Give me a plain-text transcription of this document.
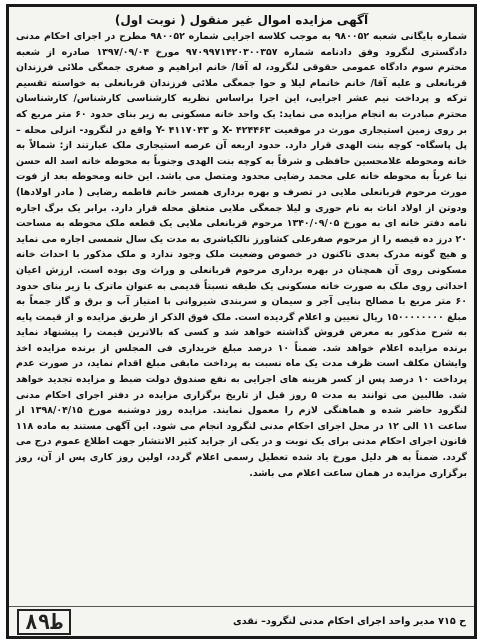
آگهی مزایده اموال غیر منقول ( نوبت اول)

شماره بایگانی شعبه ۹۸۰۰۵۲ به موجب کلاسه اجرایی شماره ۹۸۰۰۵۲ مطرح در اجرای احکام مدنی دادگستری لنگرود وفق دادنامه شماره ۹۷۰۹۹۷۱۴۲۰۳۰۰۳۵۷ مورخ ۱۳۹۷/۰۹/۰۴ صادره از شعبه محترم سوم دادگاه عمومی حقوقی لنگرود، له آقا/ خانم ابراهیم و صغری جمعگی ملائی فرزندان قربانعلی و علیه آقا/ خانم خانمام لیلا و حوا جمعگی ملائی فرزندان قربانعلی به خواسته تقسیم ترکه و پرداخت نیم عشر اجرایی، این اجرا براساس نظریه کارشناسی کارشناس/ کارشناسان محترم مبادرت به انجام مزایده می نماید: یک واحد خانه مسکونی به زیر بنای حدود ۶۰ متر مربع که بر روی زمین استیجاری مورث در موقعیت X- ۴۲۴۴۶۳ و Y- ۴۱۱۷۰۴۳ واقع در لنگرود- انزلی محله – پل پاسگاه- کوچه بنت الهدی قرار دارد. حدود اربعه آن عرصه استیجاری ملک عبارتند از: شمالاً به خانه ومحوطه غلامحسین حافظی و شرقاً به کوچه بنت الهدی وجنوباً به محوطه خانه اسد اله حسن نیا غرباً به محوطه خانه علی محمد رضایی محدود ومتصل می باشد. این خانه ومحوطه بعد از فوت مورث مرحوم قربانعلی ملایی در تصرف و بهره برداری همسر خانم فاطمه رضایی ( مادر اولادها) ودوتن از اولاد اناث به نام حوری و لیلا جمعگی ملایی متعلق محله قرار دارد. برابر یک برگ اجاره نامه دفتر خانه ای به مورخ ۱۳۴۰/۰۹/۰۵ مرحوم قربانعلی ملایی یک قطعه ملک محوطه به مساحت ۲۰ درز ده قیصه را از مرحوم صفرعلی کشاورز نالکیاشری به مدت یک سال شمسی اجاره می نماید و هیچ گونه مدرک بعدی تاکنون در خصوص وضعیت ملک وجود ندارد و ملک مذکور با احداث خانه مسکونی روی آن همچنان در بهره برداری مرحوم قربانعلی و وراث وی بوده است. ارزش اعیان احداثی روی ملک به صورت خانه مسکونی یک طبقه نسبتاً قدیمی به عنوان ماترک با زیر بنای حدود ۶۰ متر مربع با مصالح بنایی آجر و سیمان و سربندی شیروانی با امتیاز آب و برق و گاز جمعاً به مبلغ ۱۵۰۰۰۰۰۰۰۰ ریال تعیین و اعلام گردیده است. ملک فوق الذکر از طریق مزایده و از قیمت پایه به شرح مذکور به معرض فروش گذاشته خواهد شد و کسی که بالاترین قیمت را پیشنهاد نماید برنده مزایده اعلام خواهد شد. ضمناً ۱۰ درصد مبلغ خریداری فی المجلس از برنده مزایده اخذ وایشان مکلف است ظرف مدت یک ماه نسبت به پرداخت مابقی مبلغ اقدام نماید، در صورت عدم پرداخت ۱۰ درصد پس از کسر هزینه های اجرایی به نفع صندوق دولت ضبط و مزایده تجدید خواهد شد. طالبین می توانند به مدت ۵ روز قبل از تاریخ برگزاری مزایده در دفتر اجرای احکام مدنی لنگرود حاضر شده و هماهنگی لازم را معمول نمایند. مزایده روز دوشنبه مورخ ۱۳۹۸/۰۴/۱۵ از ساعت ۱۱ الی ۱۲ در محل اجرای احکام مدنی لنگرود انجام می شود. این آگهی مستند به ماده ۱۱۸ قانون اجرای احکام مدنی برای یک نوبت و در یکی از جراید کثیر الانتشار جهت اطلاع عموم درج می گردد. ضمناً به هر دلیل مورخ یاد شده تعطیل رسمی اعلام گردد، اولین روز کاری پس از آن، روز برگزاری مزایده در همان ساعت اعلام می باشد.

ح ۷۱۵ مدیر واحد اجرای احکام مدنی لنگرود– نقدی
۸۹ط
